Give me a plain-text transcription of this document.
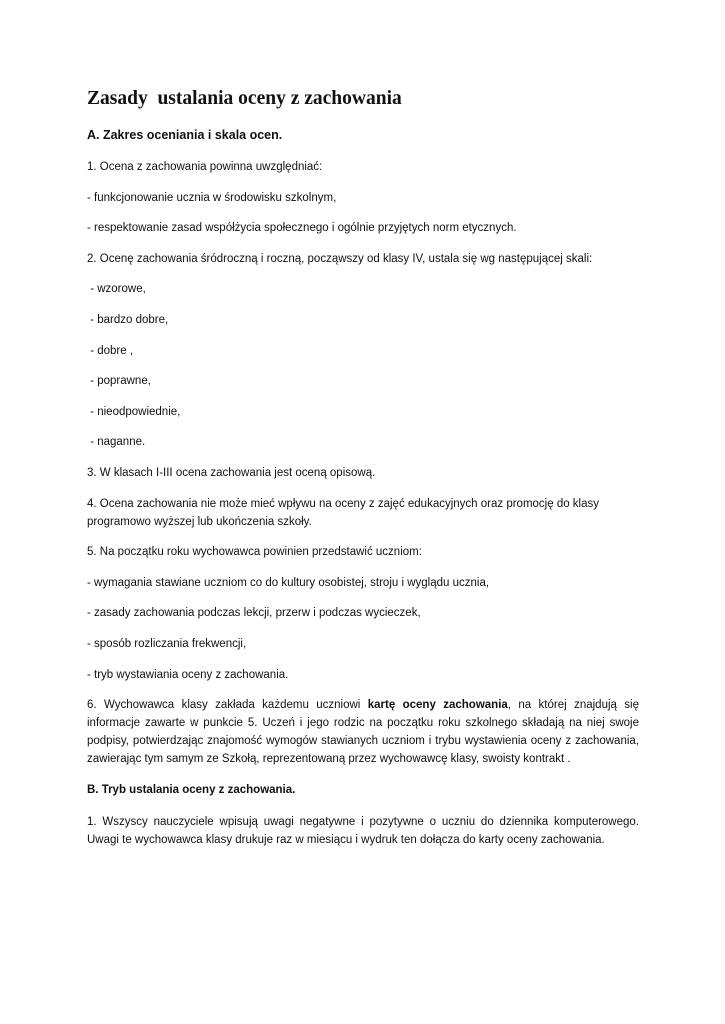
Zasady  ustalania oceny z zachowania
A. Zakres oceniania i skala ocen.

1. Ocena z zachowania powinna uwzględniać:

- funkcjonowanie ucznia w środowisku szkolnym,

- respektowanie zasad współżycia społecznego i ogólnie przyjętych norm etycznych.

2. Ocenę zachowania śródroczną i roczną, począwszy od klasy IV, ustala się wg następującej skali:

- wzorowe,

- bardzo dobre,

- dobre ,

- poprawne,

- nieodpowiednie,

- naganne.

3. W klasach I-III ocena zachowania jest oceną opisową.

4. Ocena zachowania nie może mieć wpływu na oceny z zajęć edukacyjnych oraz promocję do klasy programowo wyższej lub ukończenia szkoły.

5. Na początku roku wychowawca powinien przedstawić uczniom:

- wymagania stawiane uczniom co do kultury osobistej, stroju i wyglądu ucznia,

- zasady zachowania podczas lekcji, przerw i podczas wycieczek,

- sposób rozliczania frekwencji,

- tryb wystawiania oceny z zachowania.

6. Wychowawca klasy zakłada każdemu uczniowi kartę oceny zachowania, na której znajdują się informacje zawarte w punkcie 5. Uczeń i jego rodzic na początku roku szkolnego składają na niej swoje podpisy, potwierdzając znajomość wymogów stawianych uczniom i trybu wystawienia oceny z zachowania, zawierając tym samym ze Szkołą, reprezentowaną przez wychowawcę klasy, swoisty kontrakt .

B. Tryb ustalania oceny z zachowania.

1. Wszyscy nauczyciele wpisują uwagi negatywne i pozytywne o uczniu do dziennika komputerowego. Uwagi te wychowawca klasy drukuje raz w miesiącu i wydruk ten dołącza do karty oceny zachowania.
